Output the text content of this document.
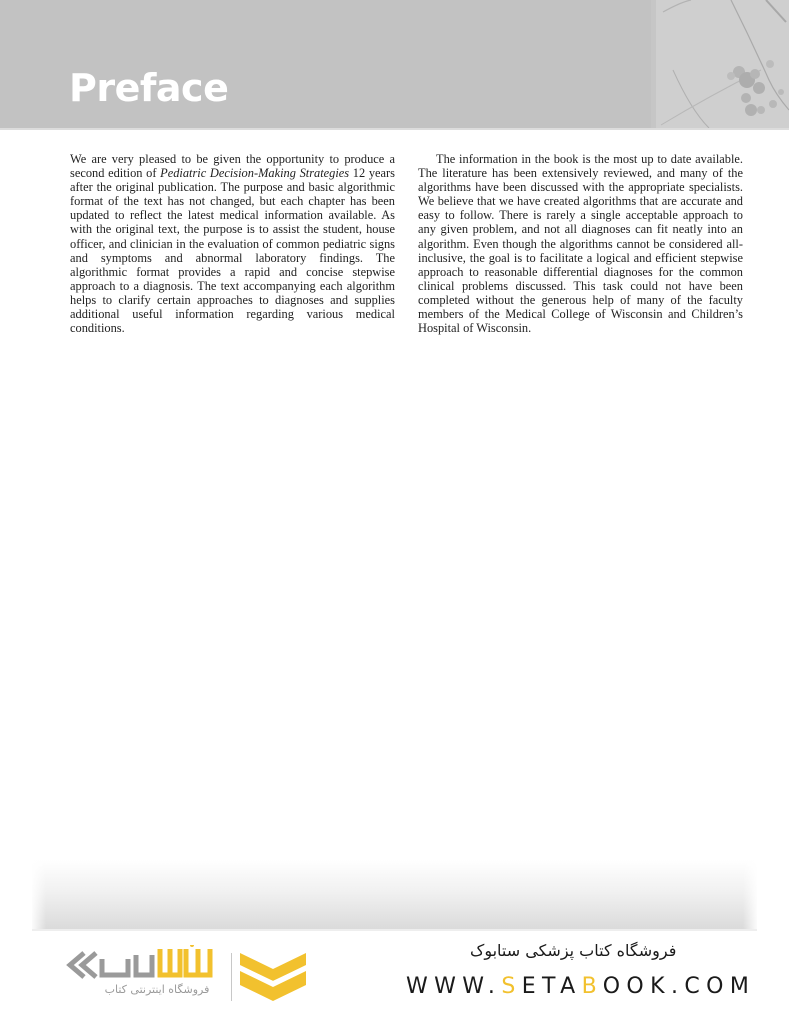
Preface

We are very pleased to be given the opportunity to produce a second edition of Pediatric Decision-Making Strategies 12 years after the original publication. The purpose and basic algorithmic format of the text has not changed, but each chapter has been updated to reflect the latest medical information available. As with the original text, the purpose is to assist the student, house officer, and clinician in the evaluation of common pediatric signs and symptoms and abnormal laboratory findings. The algorithmic format provides a rapid and concise stepwise approach to a diagnosis. The text accompanying each algorithm helps to clarify certain approaches to diagnoses and supplies additional useful information regarding various medical conditions.

The information in the book is the most up to date available. The literature has been extensively reviewed, and many of the algorithms have been discussed with the appropriate specialists. We believe that we have created algorithms that are accurate and easy to follow. There is rarely a single acceptable approach to any given problem, and not all diagnoses can fit neatly into an algorithm. Even though the algorithms cannot be considered all-inclusive, the goal is to facilitate a logical and efficient stepwise approach to reasonable differential diagnoses for the common clinical problems discussed. This task could not have been completed without the generous help of many of the faculty members of the Medical College of Wisconsin and Children’s Hospital of Wisconsin.

فروشگاه اینترنتی کتاب
فروشگاه کتاب پزشکی ستابوک
WWW.SETABOOK.COM
